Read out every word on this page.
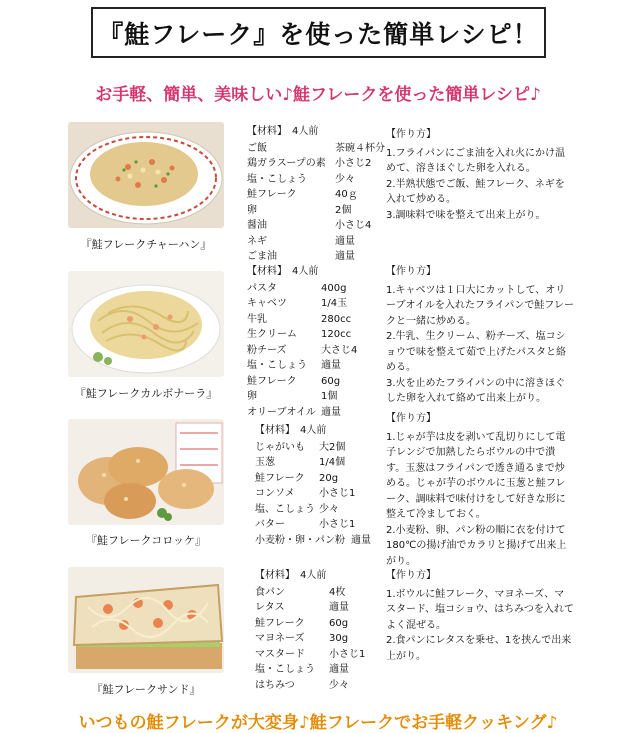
『鮭フレーク』を使った簡単レシピ！
お手軽、簡単、美味しい♪鮭フレークを使った簡単レシピ♪
『鮭フレークチャーハン』
【材料】　4人前
ご飯	茶碗４杯分
鶏ガラスープの素 小さじ2
塩・こしょう	少々
鮭フレーク	40ｇ
卵	2個
醤油	小さじ4
ネギ	適量
ごま油	適量
【作り方】

1.フライパンにごま油を入れ火にかけ温めて、溶きほぐした卵を入れる。

2.半熟状態でご飯、鮭フレーク、ネギを入れて炒める。

3.調味料で味を整えて出来上がり。

『鮭フレークカルボナーラ』
【材料】　4人前
パスタ	400g
キャベツ	1/4玉
牛乳	280cc
生クリーム	120cc
粉チーズ	大さじ4
塩・こしょう	適量
鮭フレーク	60g
卵	1個
オリーブオイル 適量
【作り方】

1.キャベツは１口大にカットして、オリーブオイルを入れたフライパンで鮭フレークと一緒に炒める。

2.牛乳、生クリーム、粉チーズ、塩コショウで味を整えて茹で上げたパスタと絡める。

3.火を止めたフライパンの中に溶きほぐした卵を入れて絡めて出来上がり。

『鮭フレークコロッケ』
【材料】　4人前
じゃがいも	大2個
玉葱	1/4個
鮭フレーク	20g
コンソメ	小さじ1
塩、こしょう 少々
バター	小さじ1
小麦粉・卵・パン粉 適量
【作り方】

1.じゃが芋は皮を剥いて乱切りにして電子レンジで加熱したらボウルの中で潰す。玉葱はフライパンで透き通るまで炒める。じゃが芋のボウルに玉葱と鮭フレーク、調味料で味付けをして好きな形に整えて冷ましておく。

2.小麦粉、卵、パン粉の順に衣を付けて180℃の揚げ油でカラリと揚げて出来上がり。

『鮭フレークサンド』
【材料】　4人前
食パン	4枚
レタス	適量
鮭フレーク	60g
マヨネーズ	30g
マスタード	小さじ1
塩・こしょう	適量
はちみつ	少々
【作り方】

1.ボウルに鮭フレーク、マヨネーズ、マスタード、塩コショウ、はちみつを入れてよく混ぜる。

2.食パンにレタスを乗せ、1を挟んで出来上がり。

いつもの鮭フレークが大変身♪鮭フレークでお手軽クッキング♪
